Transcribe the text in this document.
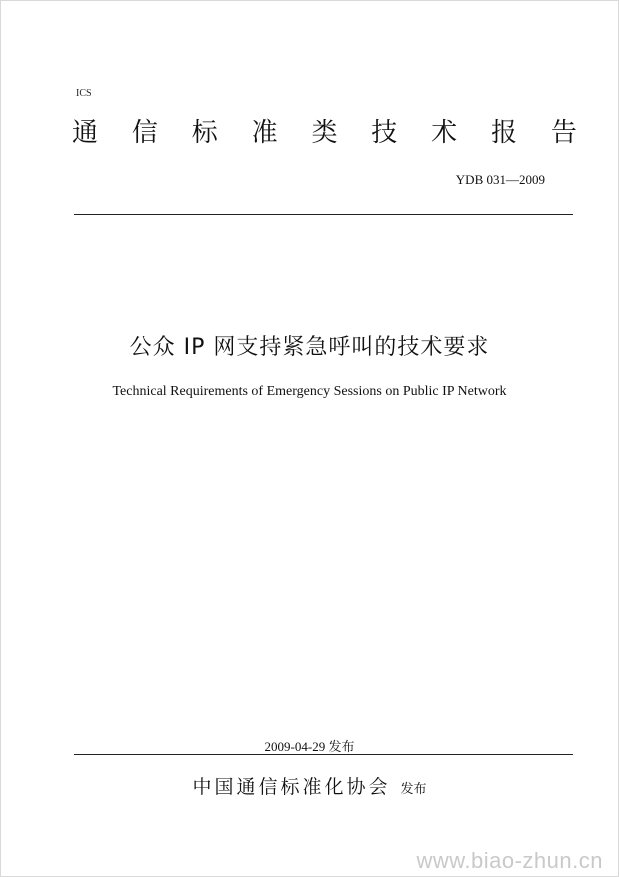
ICS
通 信 标 准 类 技 术 报 告
YDB 031—2009
公众 IP 网支持紧急呼叫的技术要求
Technical Requirements of Emergency Sessions on Public IP Network
2009-04-29 发布
中国通信标准化协会 发布
www.biao-zhun.cn
